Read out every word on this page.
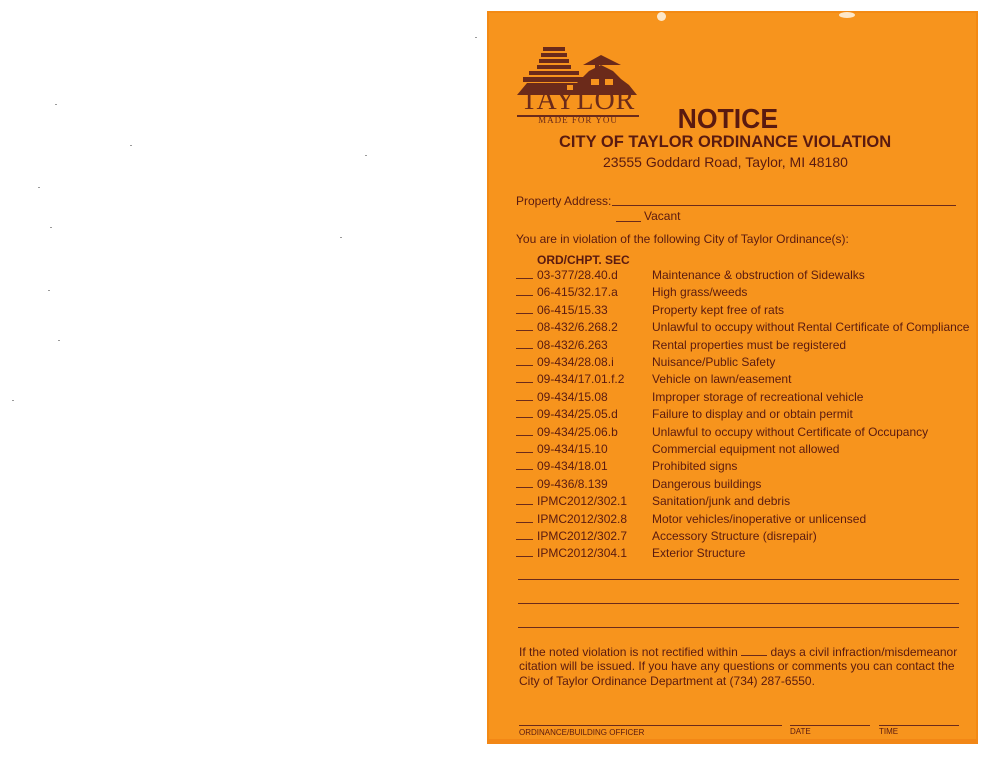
TAYLOR
MADE FOR YOU	NOTICE
CITY OF TAYLOR ORDINANCE VIOLATION
23555 Goddard Road, Taylor, MI 48180
Property Address:
Vacant
You are in violation of the following City of Taylor Ordinance(s):
ORD/CHPT. SEC
03-377/28.40.d	Maintenance & obstruction of Sidewalks
06-415/32.17.a	High grass/weeds
06-415/15.33	Property kept free of rats
08-432/6.268.2	Unlawful to occupy without Rental Certificate of Compliance
08-432/6.263	Rental properties must be registered
09-434/28.08.i	Nuisance/Public Safety
09-434/17.01.f.2 Vehicle on lawn/easement
09-434/15.08	Improper storage of recreational vehicle
09-434/25.05.d	Failure to display and or obtain permit
09-434/25.06.b	Unlawful to occupy without Certificate of Occupancy
09-434/15.10	Commercial equipment not allowed
09-434/18.01	Prohibited signs
09-436/8.139	Dangerous buildings
IPMC2012/302.1 Sanitation/junk and debris
IPMC2012/302.8 Motor vehicles/inoperative or unlicensed
IPMC2012/302.7 Accessory Structure (disrepair)
IPMC2012/304.1 Exterior Structure
If the noted violation is not rectified within	days a civil infraction/misdemeanor
citation will be issued. If you have any questions or comments you can contact the
City of Taylor Ordinance Department at (734) 287-6550.
ORDINANCE/BUILDING OFFICER	DATE	TIME
